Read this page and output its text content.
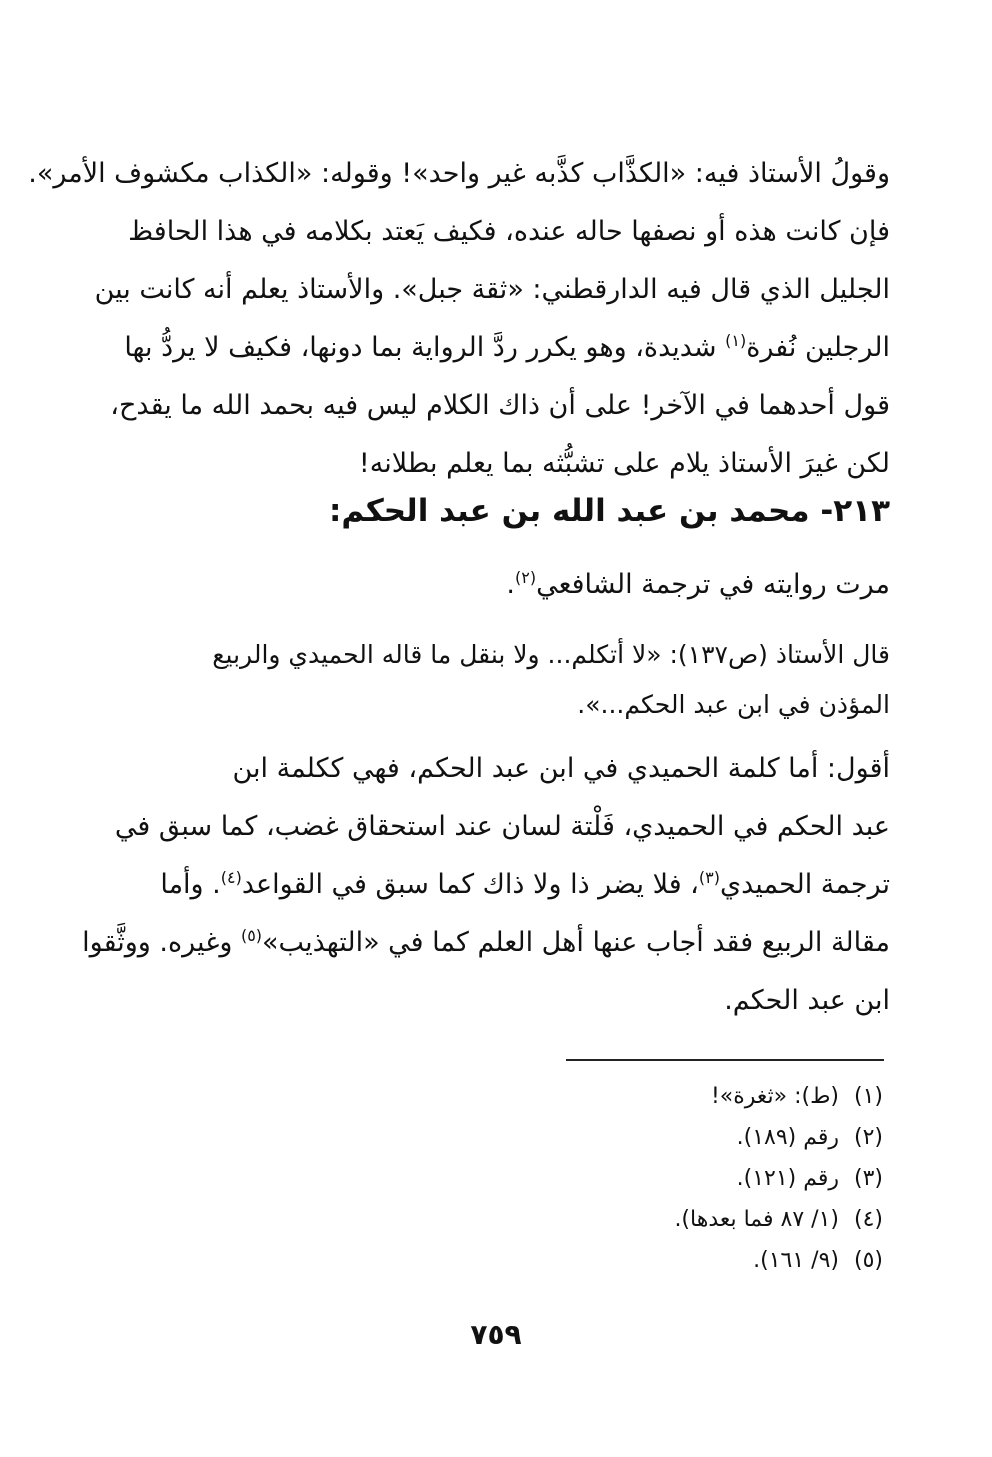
وقولُ الأستاذ فيه: «الكذَّاب كذَّبه غير واحد»! وقوله: «الكذاب مكشوف الأمر».
فإن كانت هذه أو نصفها حاله عنده، فكيف يَعتد بكلامه في هذا الحافظ
الجليل الذي قال فيه الدارقطني: «ثقة جبل». والأستاذ يعلم أنه كانت بين
الرجلين نُفرة$^{(١)}$ شديدة، وهو يكرر ردَّ الرواية بما دونها، فكيف لا يردُّ بها
قول أحدهما في الآخر! على أن ذاك الكلام ليس فيه بحمد الله ما يقدح،
لكن غيرَ الأستاذ يلام على تشبُّثه بما يعلم بطلانه!
٢١٣- محمد بن عبد الله بن عبد الحكم:
مرت روايته في ترجمة الشافعي$^{(٢)}$.
قال الأستاذ (ص١٣٧): «لا أتكلم... ولا بنقل ما قاله الحميدي والربيع
المؤذن في ابن عبد الحكم...».
أقول: أما كلمة الحميدي في ابن عبد الحكم، فهي ككلمة ابن
عبد الحكم في الحميدي، فَلْتة لسان عند استحقاق غضب، كما سبق في
ترجمة الحميدي$^{(٣)}$، فلا يضر ذا ولا ذاك كما سبق في القواعد$^{(٤)}$. وأما
مقالة الربيع فقد أجاب عنها أهل العلم كما في «التهذيب»$^{(٥)}$ وغيره. ووثَّقوا
ابن عبد الحكم.
(١)(ط): «ثغرة»!
(٢)رقم (١٨٩).
(٣)رقم (١٢١).
(٤)(١/ ٨٧ فما بعدها).
(٥)(٩/ ١٦١).
٧٥٩
